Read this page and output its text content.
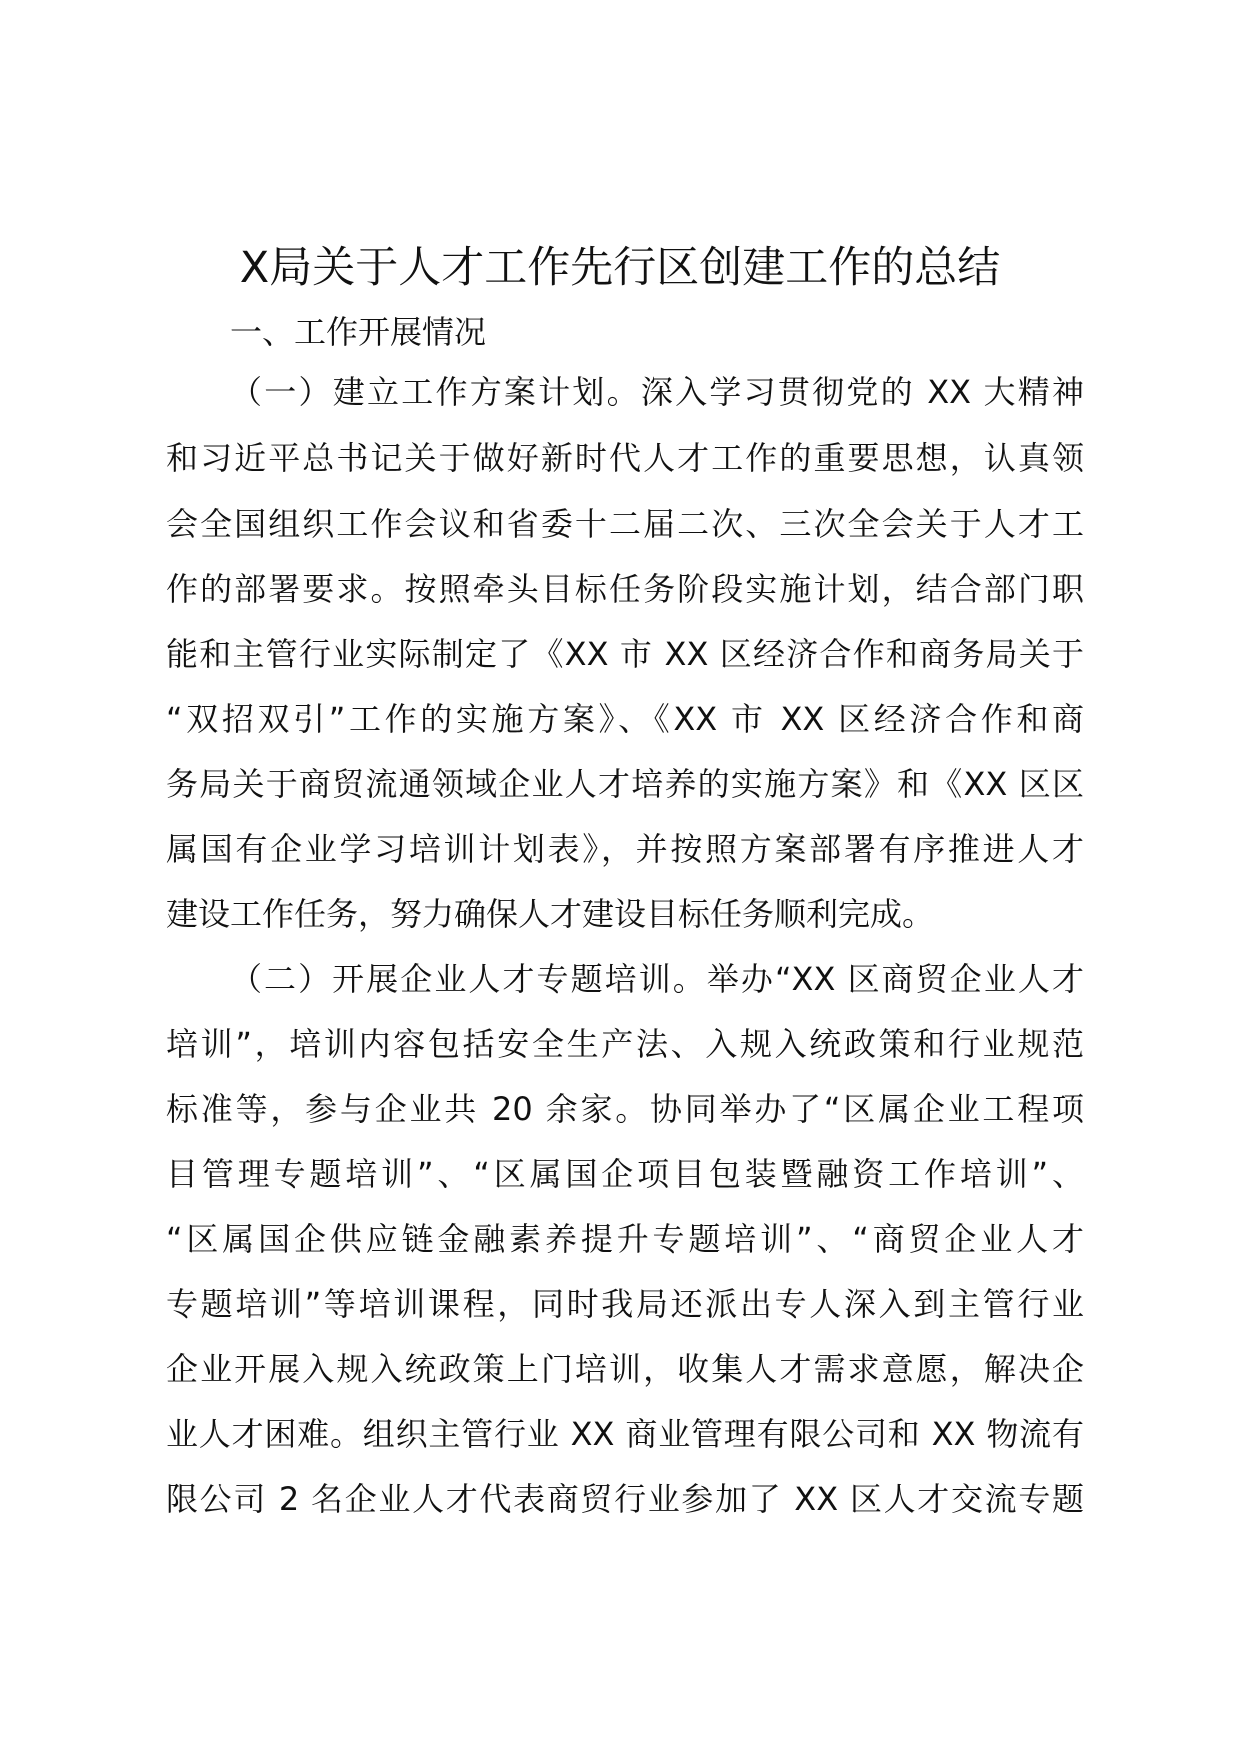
X局关于人才工作先行区创建工作的总结
一、工作开展情况
（一）建立工作方案计划。深入学习贯彻党的 XX 大精神
和习近平总书记关于做好新时代人才工作的重要思想，认真领
会全国组织工作会议和省委十二届二次、三次全会关于人才工
作的部署要求。按照牵头目标任务阶段实施计划，结合部门职
能和主管行业实际制定了《XX 市 XX 区经济合作和商务局关于
“双招双引”工作的实施方案》、《XX 市 XX 区经济合作和商
务局关于商贸流通领域企业人才培养的实施方案》和《XX 区区
属国有企业学习培训计划表》，并按照方案部署有序推进人才
建设工作任务，努力确保人才建设目标任务顺利完成。
（二）开展企业人才专题培训。举办“XX 区商贸企业人才
培训”，培训内容包括安全生产法、入规入统政策和行业规范
标准等，参与企业共 20 余家。协同举办了“区属企业工程项
目管理专题培训”、“区属国企项目包装暨融资工作培训”、
“区属国企供应链金融素养提升专题培训”、“商贸企业人才
专题培训”等培训课程，同时我局还派出专人深入到主管行业
企业开展入规入统政策上门培训，收集人才需求意愿，解决企
业人才困难。组织主管行业 XX 商业管理有限公司和 XX 物流有
限公司 2 名企业人才代表商贸行业参加了 XX 区人才交流专题
